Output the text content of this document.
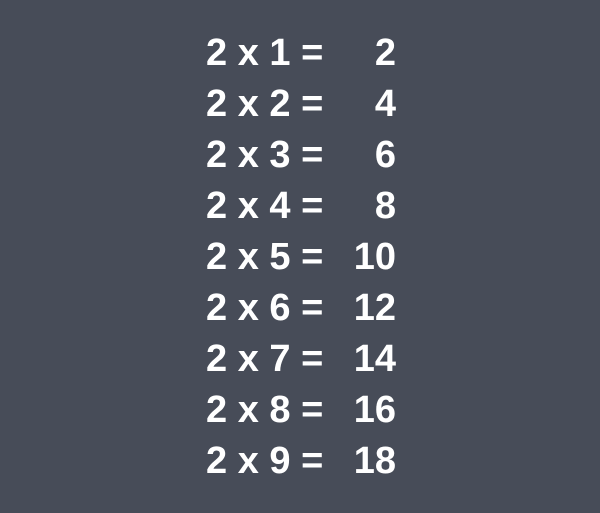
2 x 1 = 2
2 x 2 = 4
2 x 3 = 6
2 x 4 = 8
2 x 5 = 10
2 x 6 = 12
2 x 7 = 14
2 x 8 = 16
2 x 9 = 18
